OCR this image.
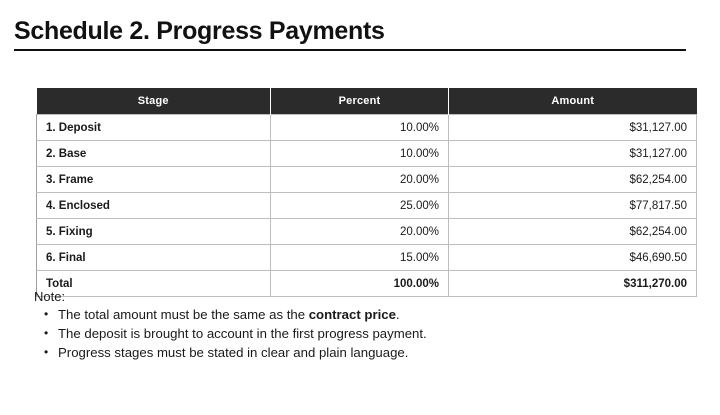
Schedule 2. Progress Payments
Stage	Percent	Amount
1. Deposit	10.00%	$31,127.00
2. Base	10.00%	$31,127.00
3. Frame	20.00%	$62,254.00
4. Enclosed	25.00%	$77,817.50
5. Fixing	20.00%	$62,254.00
6. Final	15.00%	$46,690.50
Total	100.00%	$311,270.00

Note:

• The total amount must be the same as the contract price.
• The deposit is brought to account in the first progress payment.
• Progress stages must be stated in clear and plain language.
